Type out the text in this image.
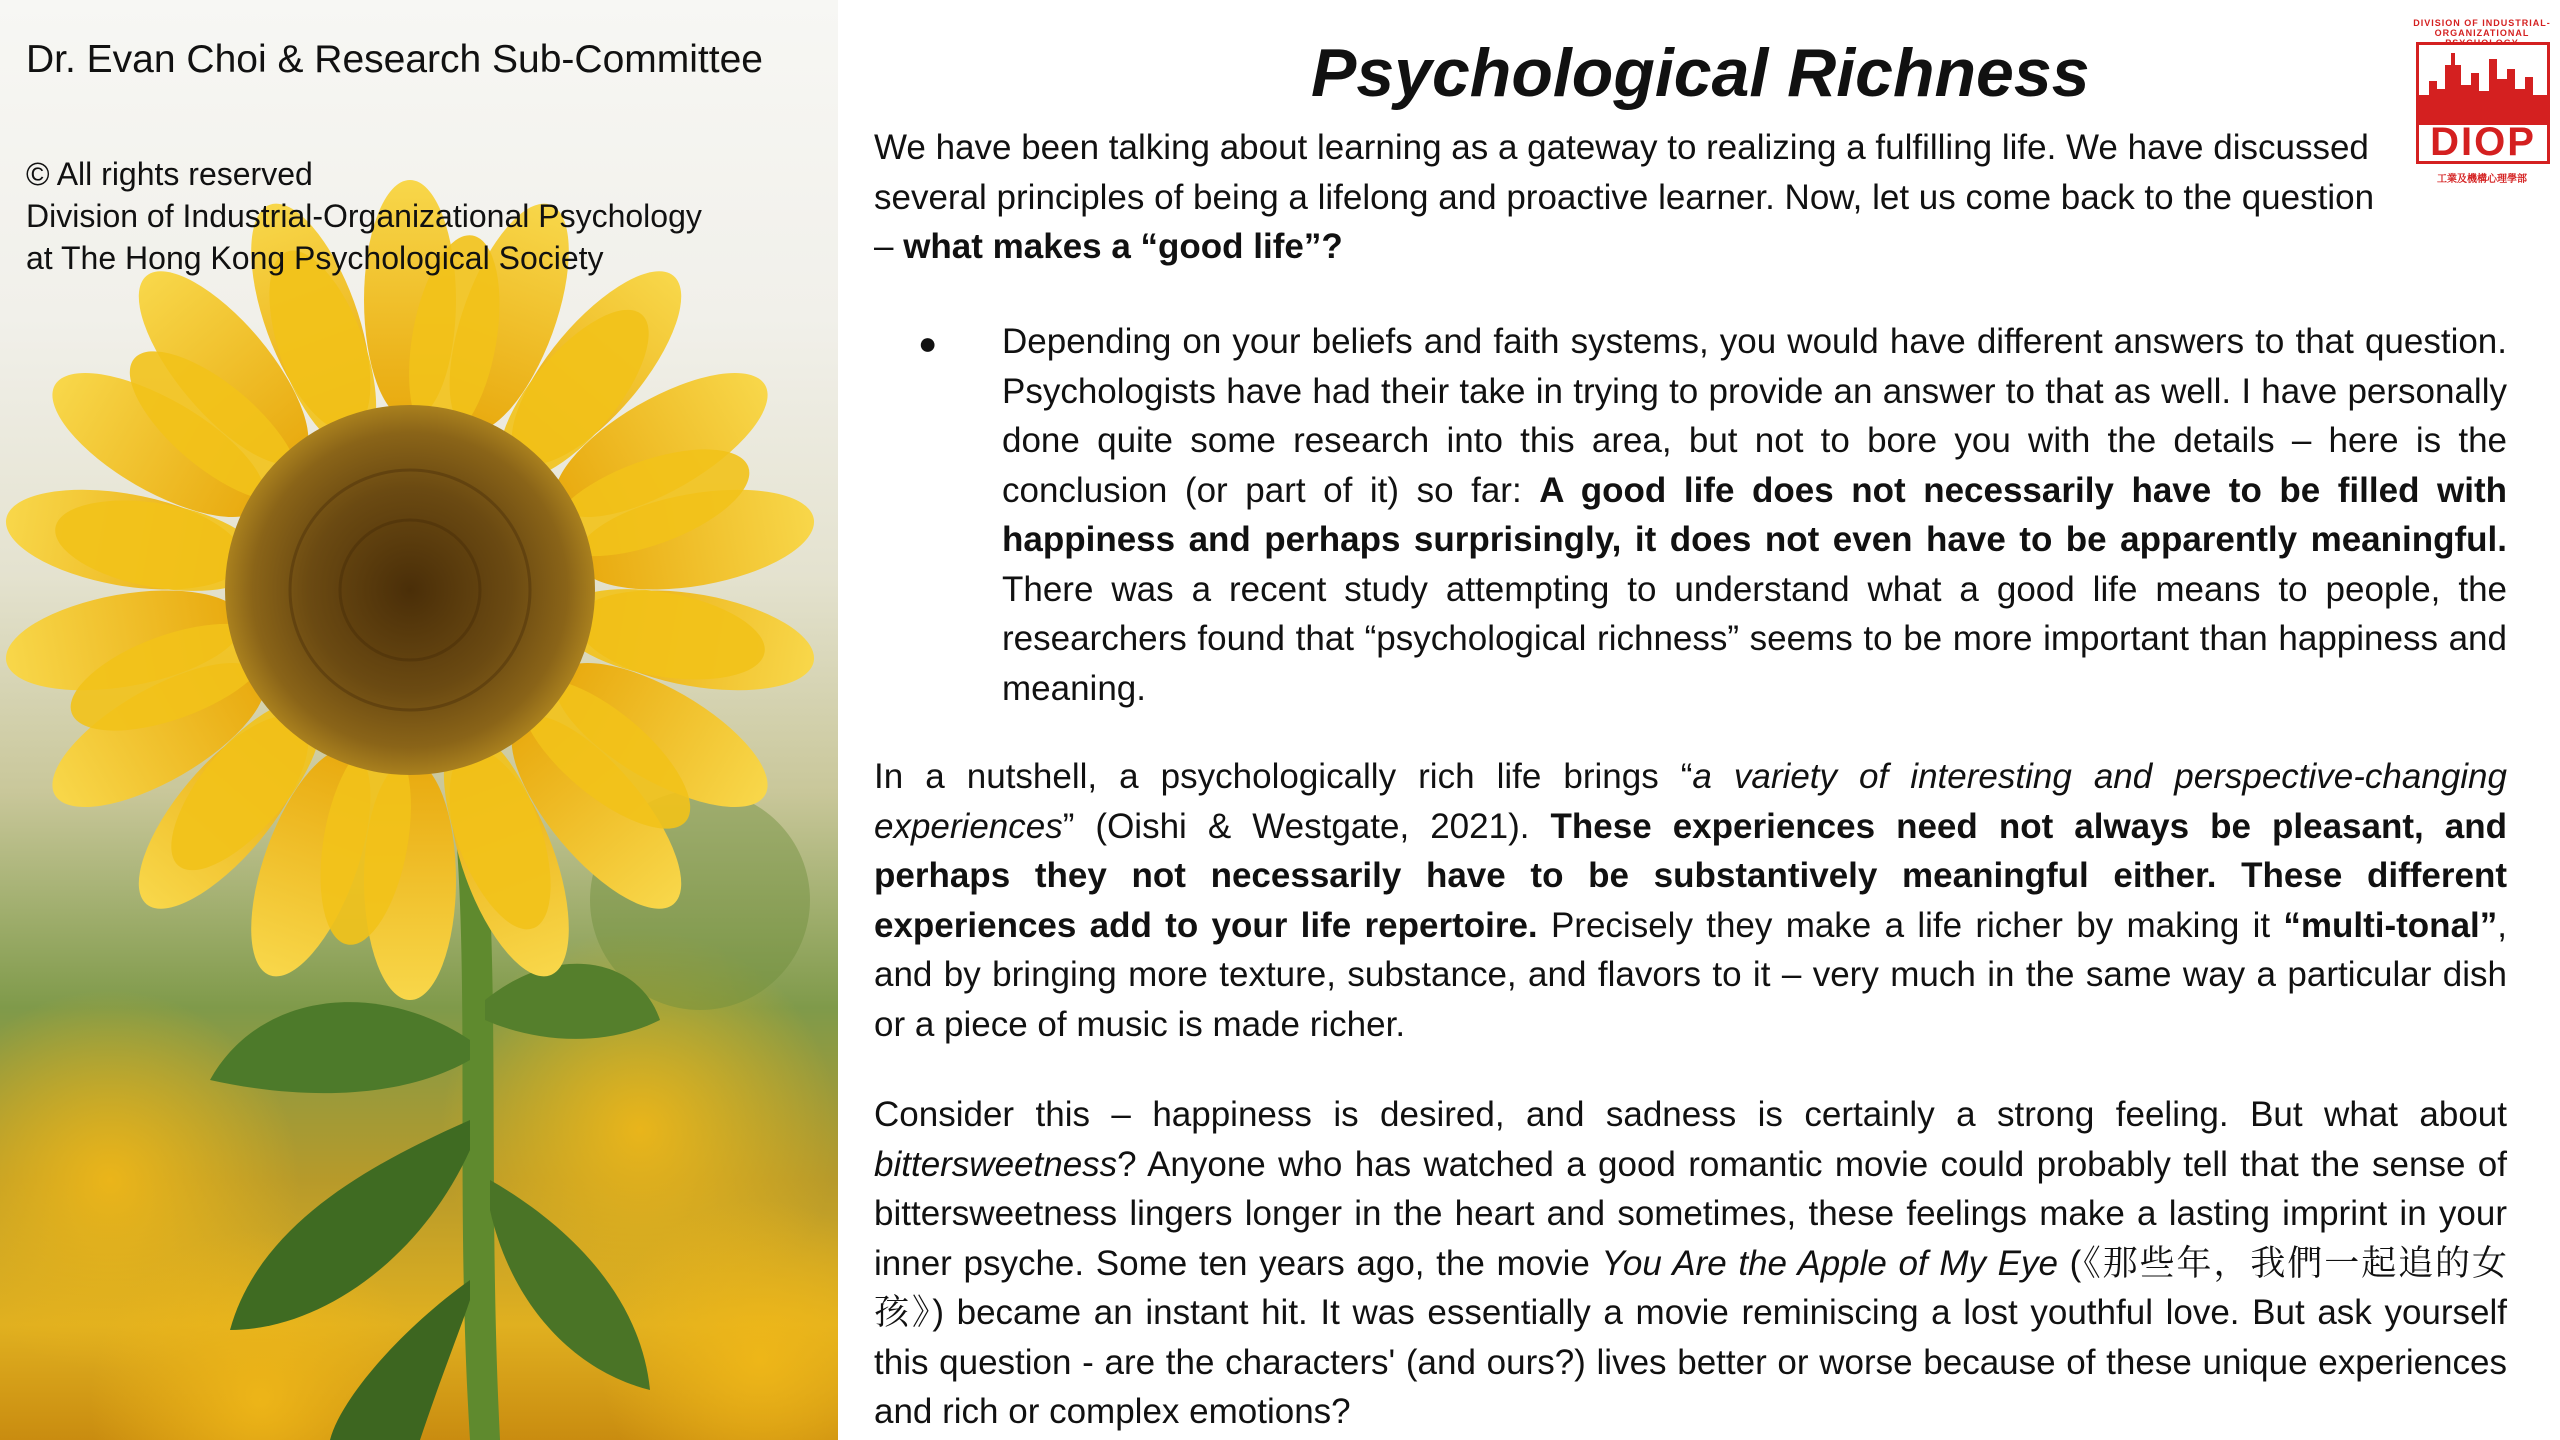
Dr. Evan Choi & Research Sub-Committee

© All rights reserved
Division of Industrial-Organizational Psychology
at The Hong Kong Psychological Society
DIVISION OF INDUSTRIAL-ORGANIZATIONAL
DIOP
工業及機構心理學部
Psychological Richness

We have been talking about learning as a gateway to realizing a fulfilling life. We have discussed several principles of being a lifelong and proactive learner. Now, let us come back to the question – what makes a “good life”?

● Depending on your beliefs and faith systems, you would have different answers to that question. Psychologists have had their take in trying to provide an answer to that as well. I have personally done quite some research into this area, but not to bore you with the details – here is the conclusion (or part of it) so far: A good life does not necessarily have to be filled with happiness and perhaps surprisingly, it does not even have to be apparently meaningful. There was a recent study attempting to understand what a good life means to people, the researchers found that “psychological richness” seems to be more important than happiness and meaning.

In a nutshell, a psychologically rich life brings “a variety of interesting and perspective-changing experiences” (Oishi & Westgate, 2021). These experiences need not always be pleasant, and perhaps they not necessarily have to be substantively meaningful either. These different experiences add to your life repertoire. Precisely they make a life richer by making it “multi-tonal”, and by bringing more texture, substance, and flavors to it – very much in the same way a particular dish or a piece of music is made richer.

Consider this – happiness is desired, and sadness is certainly a strong feeling. But what about bittersweetness? Anyone who has watched a good romantic movie could probably tell that the sense of bittersweetness lingers longer in the heart and sometimes, these feelings make a lasting imprint in your inner psyche. Some ten years ago, the movie You Are the Apple of My Eye (《那些年，我們一起追的女孩》) became an instant hit. It was essentially a movie reminiscing a lost youthful love. But ask yourself this question - are the characters' (and ours?) lives better or worse because of these unique experiences and rich or complex emotions?
